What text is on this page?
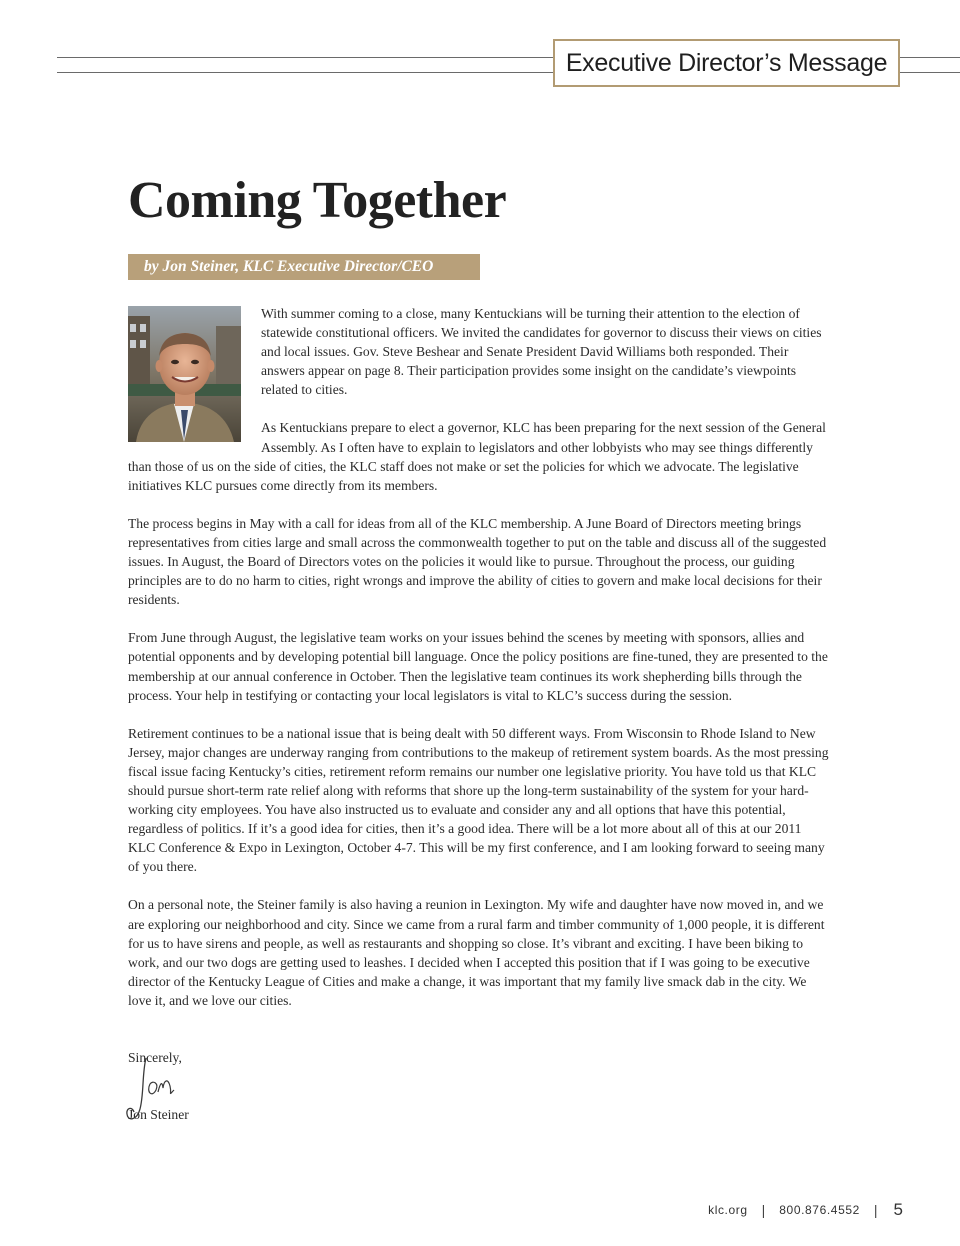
Executive Director’s Message
Coming Together
by Jon Steiner, KLC Executive Director/CEO

With summer coming to a close, many Kentuckians will be turning their attention to the election of statewide constitutional officers. We invited the candidates for governor to discuss their views on cities and local issues. Gov. Steve Beshear and Senate President David Williams both responded. Their answers appear on page 8. Their participation provides some insight on the candidate’s viewpoints related to cities.

As Kentuckians prepare to elect a governor, KLC has been preparing for the next session of the General Assembly. As I often have to explain to legislators and other lobbyists who may see things differently than those of us on the side of cities, the KLC staff does not make or set the policies for which we advocate. The legislative initiatives KLC pursues come directly from its members.

The process begins in May with a call for ideas from all of the KLC membership. A June Board of Directors meeting brings representatives from cities large and small across the commonwealth together to put on the table and discuss all of the suggested issues. In August, the Board of Directors votes on the policies it would like to pursue. Throughout the process, our guiding principles are to do no harm to cities, right wrongs and improve the ability of cities to govern and make local decisions for their residents.

From June through August, the legislative team works on your issues behind the scenes by meeting with sponsors, allies and potential opponents and by developing potential bill language. Once the policy positions are fine-tuned, they are presented to the membership at our annual conference in October. Then the legislative team continues its work shepherding bills through the process. Your help in testifying or contacting your local legislators is vital to KLC’s success during the session.

Retirement continues to be a national issue that is being dealt with 50 different ways. From Wisconsin to Rhode Island to New Jersey, major changes are underway ranging from contributions to the makeup of retirement system boards. As the most pressing fiscal issue facing Kentucky’s cities, retirement reform remains our number one legislative priority. You have told us that KLC should pursue short-term rate relief along with reforms that shore up the long-term sustainability of the system for your hard-working city employees. You have also instructed us to evaluate and consider any and all options that have this potential, regardless of politics. If it’s a good idea for cities, then it’s a good idea. There will be a lot more about all of this at our 2011 KLC Conference & Expo in Lexington, October 4-7. This will be my first conference, and I am looking forward to seeing many of you there.

On a personal note, the Steiner family is also having a reunion in Lexington. My wife and daughter have now moved in, and we are exploring our neighborhood and city. Since we came from a rural farm and timber community of 1,000 people, it is different for us to have sirens and people, as well as restaurants and shopping so close. It’s vibrant and exciting. I have been biking to work, and our two dogs are getting used to leashes. I decided when I accepted this position that if I was going to be executive director of the Kentucky League of Cities and make a change, it was important that my family live smack dab in the city. We love it, and we love our cities.

Sincerely,
Jon Steiner
klc.org | 800.876.4552 | 5
